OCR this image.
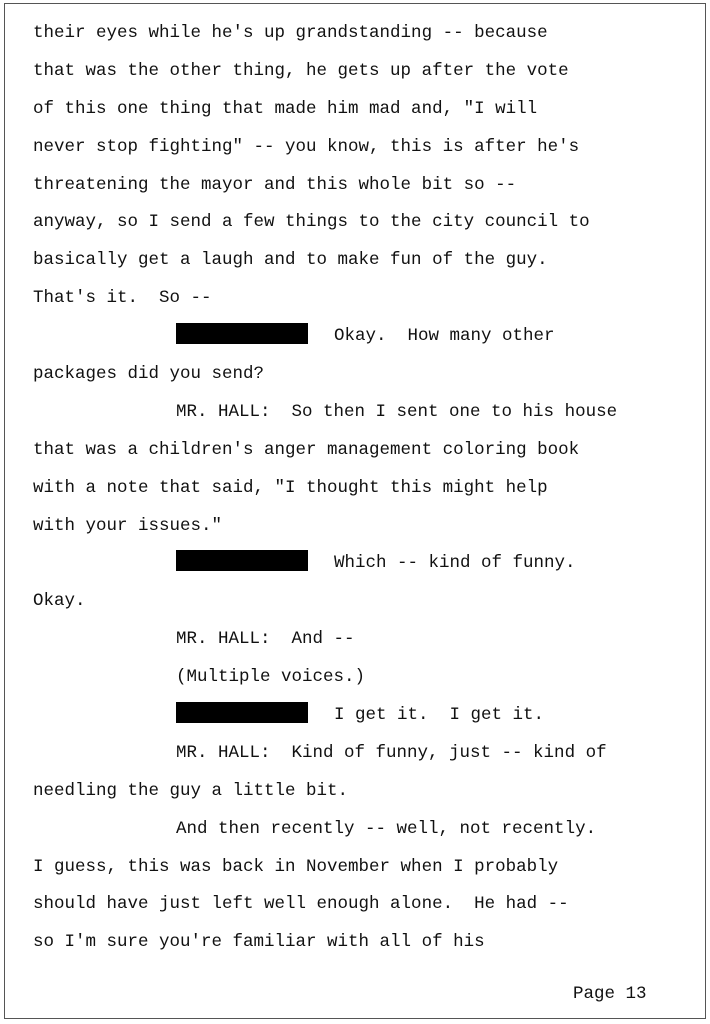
their eyes while he's up grandstanding -- because
that was the other thing, he gets up after the vote
of this one thing that made him mad and, "I will
never stop fighting" -- you know, this is after he's
threatening the mayor and this whole bit so --
anyway, so I send a few things to the city council to
basically get a laugh and to make fun of the guy.
That's it.  So --
Okay.  How many other
packages did you send?
MR. HALL:  So then I sent one to his house
that was a children's anger management coloring book
with a note that said, "I thought this might help
with your issues."
Which -- kind of funny.
Okay.
MR. HALL:  And --
(Multiple voices.)
I get it.  I get it.
MR. HALL:  Kind of funny, just -- kind of
needling the guy a little bit.
And then recently -- well, not recently.
I guess, this was back in November when I probably
should have just left well enough alone.  He had --
so I'm sure you're familiar with all of his
Page 13
